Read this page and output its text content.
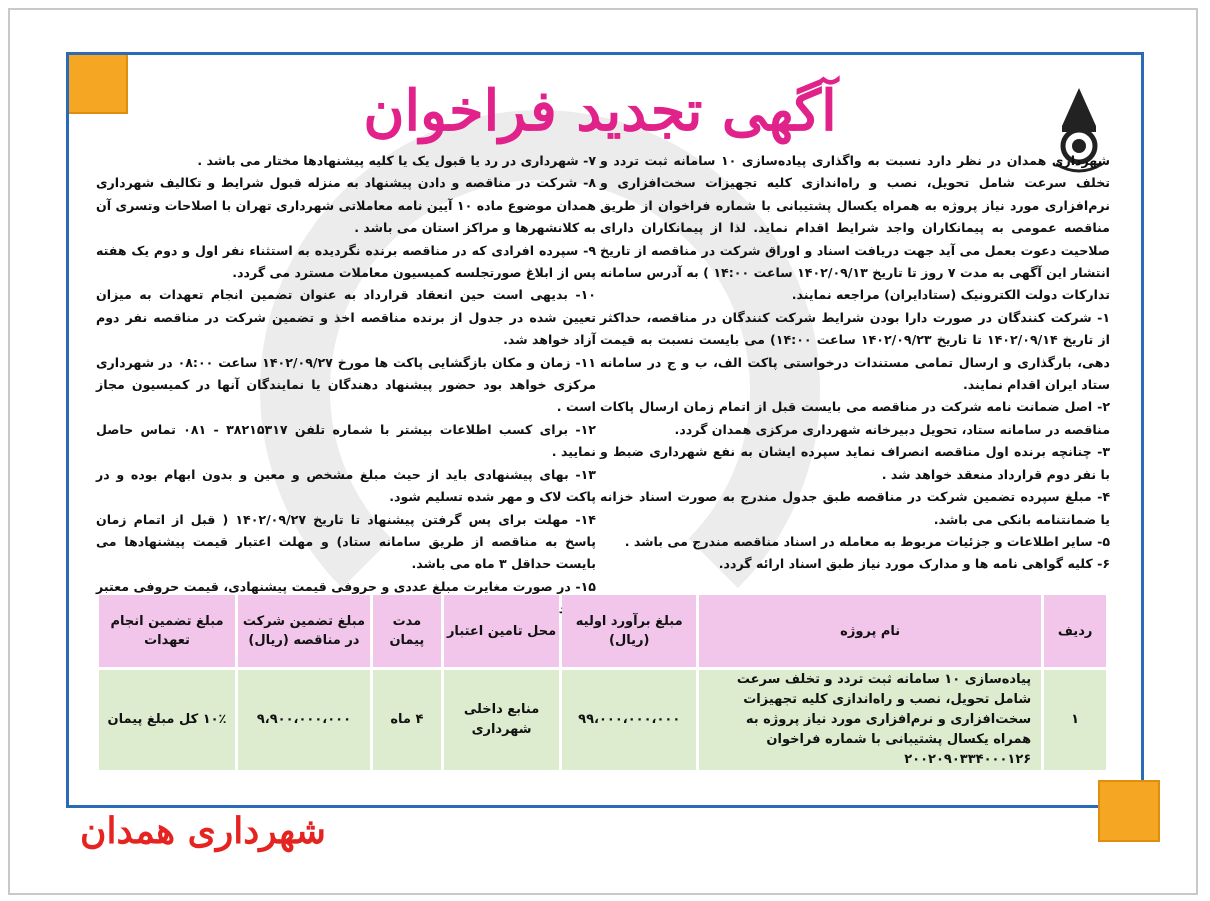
آگهی تجدید فراخوان

شهرداری همدان در نظر دارد نسبت به واگذاری پیاده‌سازی ۱۰ سامانه ثبت تردد و تخلف سرعت شامل تحویل، نصب و راه‌اندازی کلیه تجهیزات سخت‌افزاری و نرم‌افزاری مورد نیاز پروژه به همراه یکسال پشتیبانی با شماره فراخوان از طریق مناقصه عمومی به پیمانکاران واجد شرایط اقدام نماید. لذا از پیمانکاران دارای صلاحیت دعوت بعمل می آید جهت دریافت اسناد و اوراق شرکت در مناقصه از تاریخ انتشار این آگهی به مدت ۷ روز تا تاریخ ۱۴۰۲/۰۹/۱۳ ساعت ۱۴:۰۰ ) به آدرس سامانه تدارکات دولت الکترونیک (ستادایران) مراجعه نمایند.

۱- شرکت کنندگان در صورت دارا بودن شرایط شرکت کنندگان در مناقصه، حداکثر از تاریخ ۱۴۰۲/۰۹/۱۴ تا تاریخ ۱۴۰۲/۰۹/۲۳ ساعت ۱۴:۰۰) می بایست نسبت به قیمت دهی، بارگذاری و ارسال تمامی مستندات درخواستی پاکت الف، ب و ج در سامانه ستاد ایران اقدام نمایند.

۲- اصل ضمانت نامه شرکت در مناقصه می بایست قبل از اتمام زمان ارسال پاکات مناقصه در سامانه ستاد، تحویل دبیرخانه شهرداری مرکزی همدان گردد.

۳- چنانچه برنده اول مناقصه انصراف نماید سپرده ایشان به نفع شهرداری ضبط و با نفر دوم قرارداد منعقد خواهد شد .

۴- مبلغ سپرده تضمین شرکت در مناقصه طبق جدول مندرج به صورت اسناد خزانه یا ضمانتنامه بانکی می باشد.

۵- سایر اطلاعات و جزئیات مربوط به معامله در اسناد مناقصه مندرج می باشد .

۶- کلیه گواهی نامه ها و مدارک مورد نیاز طبق اسناد ارائه گردد.

۷- شهرداری در رد یا قبول یک یا کلیه پیشنهادها مختار می باشد .

۸- شرکت در مناقصه و دادن پیشنهاد به منزله قبول شرایط و تکالیف شهرداری همدان موضوع ماده ۱۰ آیین نامه معاملاتی شهرداری تهران با اصلاحات وتسری آن به کلانشهرها و مراکز استان می باشد .

۹- سپرده افرادی که در مناقصه برنده نگردیده به استثناء نفر اول و دوم یک هفته پس از ابلاغ صورتجلسه کمیسیون معاملات مسترد می گردد.

۱۰- بدیهی است حین انعقاد قرارداد به عنوان تضمین انجام تعهدات به میزان تعیین شده در جدول از برنده مناقصه اخذ و تضمین شرکت در مناقصه نفر دوم آزاد خواهد شد.

۱۱- زمان و مکان بازگشایی پاکت ها مورخ ۱۴۰۲/۰۹/۲۷ ساعت ۰۸:۰۰ در شهرداری مرکزی خواهد بود حضور پیشنهاد دهندگان یا نمایندگان آنها در کمیسیون مجاز است .

۱۲- برای کسب اطلاعات بیشتر با شماره تلفن ۳۸۲۱۵۳۱۷ - ۰۸۱ تماس حاصل نمایید .

۱۳- بهای پیشنهادی باید از حیث مبلغ مشخص و معین و بدون ابهام بوده و در پاکت لاک و مهر شده تسلیم شود.

۱۴- مهلت برای پس گرفتن پیشنهاد تا تاریخ ۱۴۰۲/۰۹/۲۷ ( قبل از اتمام زمان پاسخ به مناقصه از طریق سامانه ستاد) و مهلت اعتبار قیمت پیشنهادها می بایست حداقل ۳ ماه می باشد.

۱۵- در صورت مغایرت مبلغ عددی و حروفی قیمت پیشنهادی، قیمت حروفی معتبر

ردیف	نام پروژه	مبلغ برآورد اولیه (ریال)	محل تامین اعتبار	مدت پیمان	مبلغ تضمین شرکت در مناقصه (ریال)	مبلغ تضمین انجام تعهدات
۱	پیاده‌سازی ۱۰ سامانه ثبت تردد و تخلف سرعت شامل تحویل، نصب و راه‌اندازی کلیه تجهیزات سخت‌افزاری و نرم‌افزاری مورد نیاز پروژه به همراه یکسال پشتیبانی با شماره فراخوان ۲۰۰۲۰۹۰۳۳۴۰۰۰۱۲۶	۹۹،۰۰۰،۰۰۰،۰۰۰	منابع داخلی شهرداری	۴ ماه	۹،۹۰۰،۰۰۰،۰۰۰	۱۰٪ کل مبلغ پیمان
شهرداری همدان
